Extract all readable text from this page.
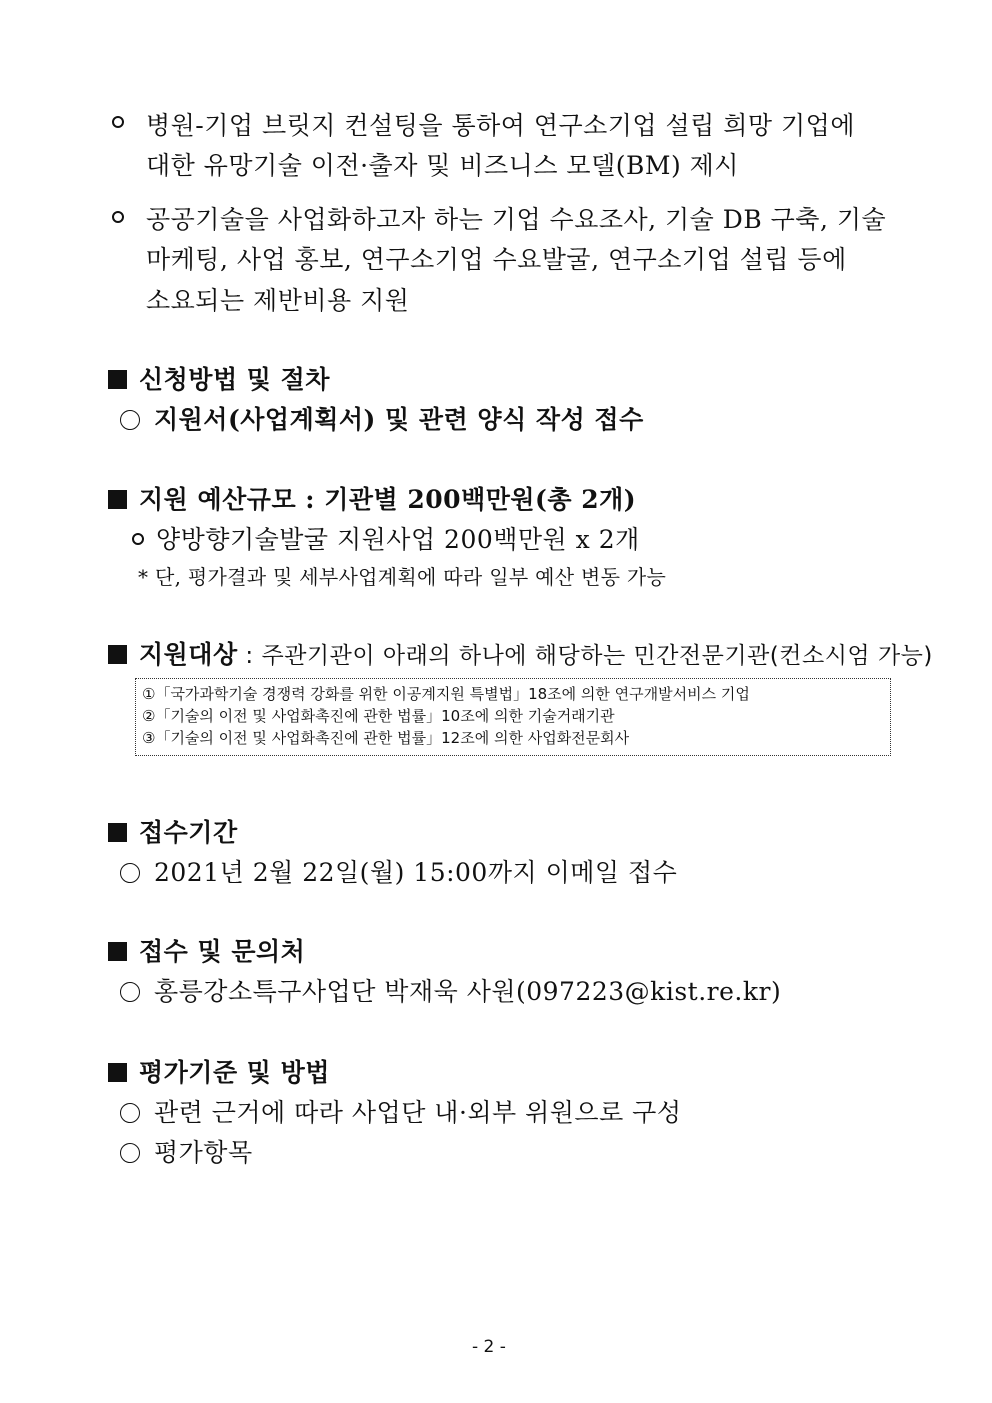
병원-기업 브릿지 컨설팅을 통하여 연구소기업 설립 희망 기업에
대한 유망기술 이전·출자 및 비즈니스 모델(BM) 제시
공공기술을 사업화하고자 하는 기업 수요조사, 기술 DB 구축, 기술
마케팅, 사업 홍보, 연구소기업 수요발굴, 연구소기업 설립 등에
소요되는 제반비용 지원
신청방법 및 절차
지원서(사업계획서) 및 관련 양식 작성 접수
지원 예산규모 : 기관별 200백만원(총 2개)
양방향기술발굴 지원사업 200백만원 x 2개
* 단, 평가결과 및 세부사업계획에 따라 일부 예산 변동 가능
지원대상 : 주관기관이 아래의 하나에 해당하는 민간전문기관(컨소시엄 가능)
①「국가과학기술 경쟁력 강화를 위한 이공계지원 특별법」18조에 의한 연구개발서비스 기업
②「기술의 이전 및 사업화촉진에 관한 법률」10조에 의한 기술거래기관
③「기술의 이전 및 사업화촉진에 관한 법률」12조에 의한 사업화전문회사
접수기간
2021년 2월 22일(월) 15:00까지 이메일 접수
접수 및 문의처
홍릉강소특구사업단 박재욱 사원(097223@kist.re.kr)
평가기준 및 방법
관련 근거에 따라 사업단 내·외부 위원으로 구성
평가항목
- 2 -
